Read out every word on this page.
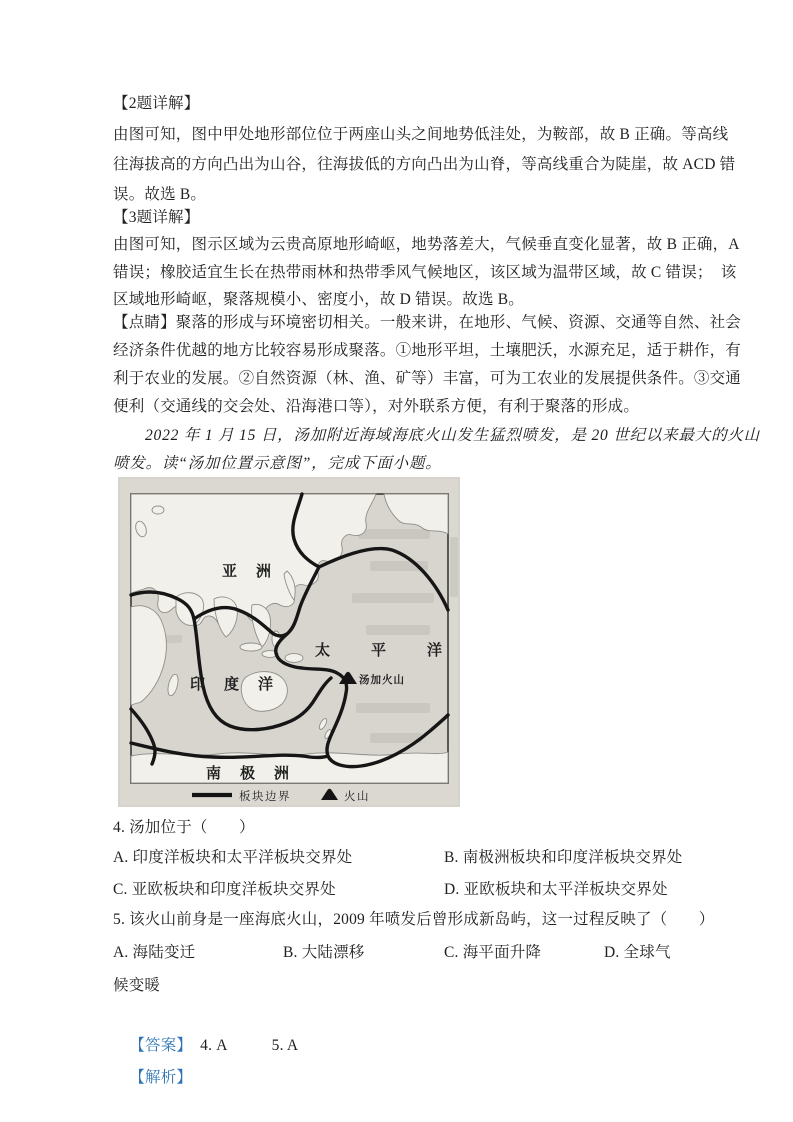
【2题详解】
由图可知，图中甲处地形部位位于两座山头之间地势低洼处，为鞍部，故 B 正确。等高线
往海拔高的方向凸出为山谷，往海拔低的方向凸出为山脊，等高线重合为陡崖，故 ACD 错
误。故选 B。
【3题详解】
由图可知，图示区域为云贵高原地形崎岖，地势落差大，气候垂直变化显著，故 B 正确，A
错误；橡胶适宜生长在热带雨林和热带季风气候地区，该区域为温带区域，故 C 错误；  该
区域地形崎岖，聚落规模小、密度小，故 D 错误。故选 B。
【点睛】聚落的形成与环境密切相关。一般来讲，在地形、气候、资源、交通等自然、社会
经济条件优越的地方比较容易形成聚落。①地形平坦，土壤肥沃，水源充足，适于耕作，有
利于农业的发展。②自然资源（林、渔、矿等）丰富，可为工农业的发展提供条件。③交通
便利（交通线的交会处、沿海港口等），对外联系方便，有利于聚落的形成。
2022 年 1 月 15 日，汤加附近海域海底火山发生猛烈喷发，是 20 世纪以来最大的火山
喷发。读“汤加位置示意图”，完成下面小题。
亚　洲
太　平　洋
印　度　洋
南　极　洲
汤加火山
板块边界	火山
4. 汤加位于（　　）
A. 印度洋板块和太平洋板块交界处	B. 南极洲板块和印度洋板块交界处
C. 亚欧板块和印度洋板块交界处	D. 亚欧板块和太平洋板块交界处
5. 该火山前身是一座海底火山，2009 年喷发后曾形成新岛屿，这一过程反映了（　　）
A. 海陆变迁	B. 大陆漂移	C. 海平面升降	D. 全球气
候变暖

【答案】 4. A	5. A

【解析】
